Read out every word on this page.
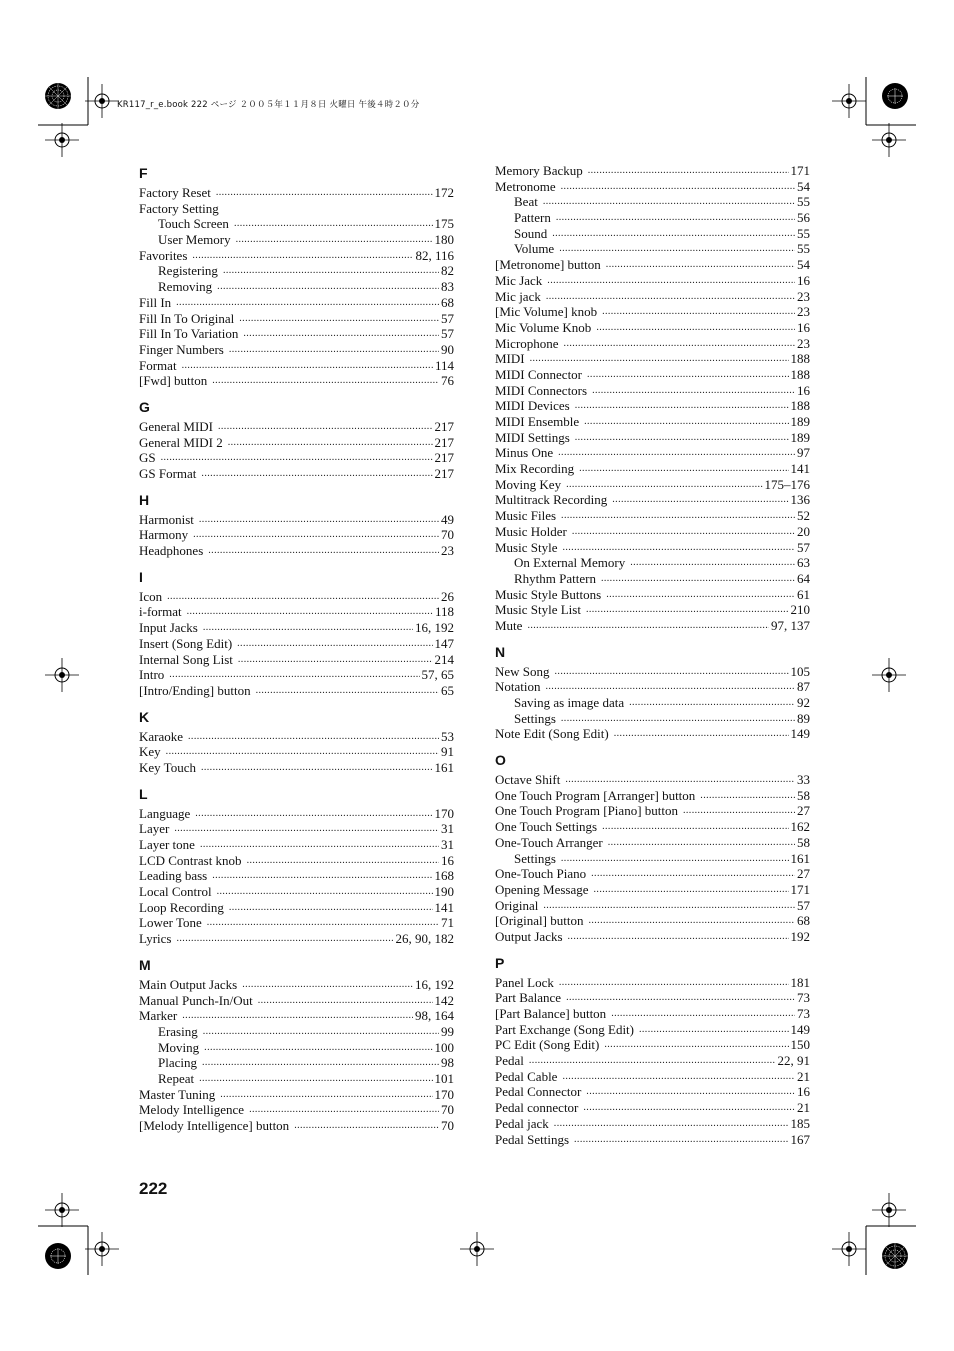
KR117_r_e.book 222 ページ ２００５年１１月８日 火曜日 午後４時２０分
F
Factory Reset .....	172
Factory Setting
Touch Screen .....	175
User Memory .....	180
Favorites .....	82, 116
Registering .....	82
Removing .....	83
Fill In .....	68
Fill In To Original .....	57
Fill In To Variation .....	57
Finger Numbers .....	90
Format .....	114
[Fwd] button .....	76
G
General MIDI .....	217
General MIDI 2 .....	217
GS .....	217
GS Format .....	217
H
Harmonist .....	49
Harmony .....	70
Headphones .....	23
I
Icon .....	26
i-format .....	118
Input Jacks .....	16, 192
Insert (Song Edit) .....	147
Internal Song List .....	214
Intro .....	57, 65
[Intro/Ending] button .....	65
K
Karaoke .....	53
Key .....	91
Key Touch .....	161
L
Language .....	170
Layer .....	31
Layer tone .....	31
LCD Contrast knob .....	16
Leading bass .....	168
Local Control .....	190
Loop Recording .....	141
Lower Tone .....	71
Lyrics .....	26, 90, 182
M
Main Output Jacks .....	16, 192
Manual Punch-In/Out .....	142
Marker .....	98, 164
Erasing .....	99
Moving .....	100
Placing .....	98
Repeat .....	101
Master Tuning .....	170
Melody Intelligence .....	70
[Melody Intelligence] button .....	70
Memory Backup .....	171
Metronome .....	54
Beat .....	55
Pattern .....	56
Sound .....	55
Volume .....	55
[Metronome] button .....	54
Mic Jack .....	16
Mic jack .....	23
[Mic Volume] knob .....	23
Mic Volume Knob .....	16
Microphone .....	23
MIDI .....	188
MIDI Connector .....	188
MIDI Connectors .....	16
MIDI Devices .....	188
MIDI Ensemble .....	189
MIDI Settings .....	189
Minus One .....	97
Mix Recording .....	141
Moving Key .....	175–176
Multitrack Recording .....	136
Music Files .....	52
Music Holder .....	20
Music Style .....	57
On External Memory .....	63
Rhythm Pattern .....	64
Music Style Buttons .....	61
Music Style List .....	210
Mute .....	97, 137
N
New Song .....	105
Notation .....	87
Saving as image data .....	92
Settings .....	89
Note Edit (Song Edit) .....	149
O
Octave Shift .....	33
One Touch Program [Arranger] button .....	58
One Touch Program [Piano] button .....	27
One Touch Settings .....	162
One-Touch Arranger .....	58
Settings .....	161
One-Touch Piano .....	27
Opening Message .....	171
Original .....	57
[Original] button .....	68
Output Jacks .....	192
P
Panel Lock .....	181
Part Balance .....	73
[Part Balance] button .....	73
Part Exchange (Song Edit) .....	149
PC Edit (Song Edit) .....	150
Pedal .....	22, 91
Pedal Cable .....	21
Pedal Connector .....	16
Pedal connector .....	21
Pedal jack .....	185
Pedal Settings .....	167
222
